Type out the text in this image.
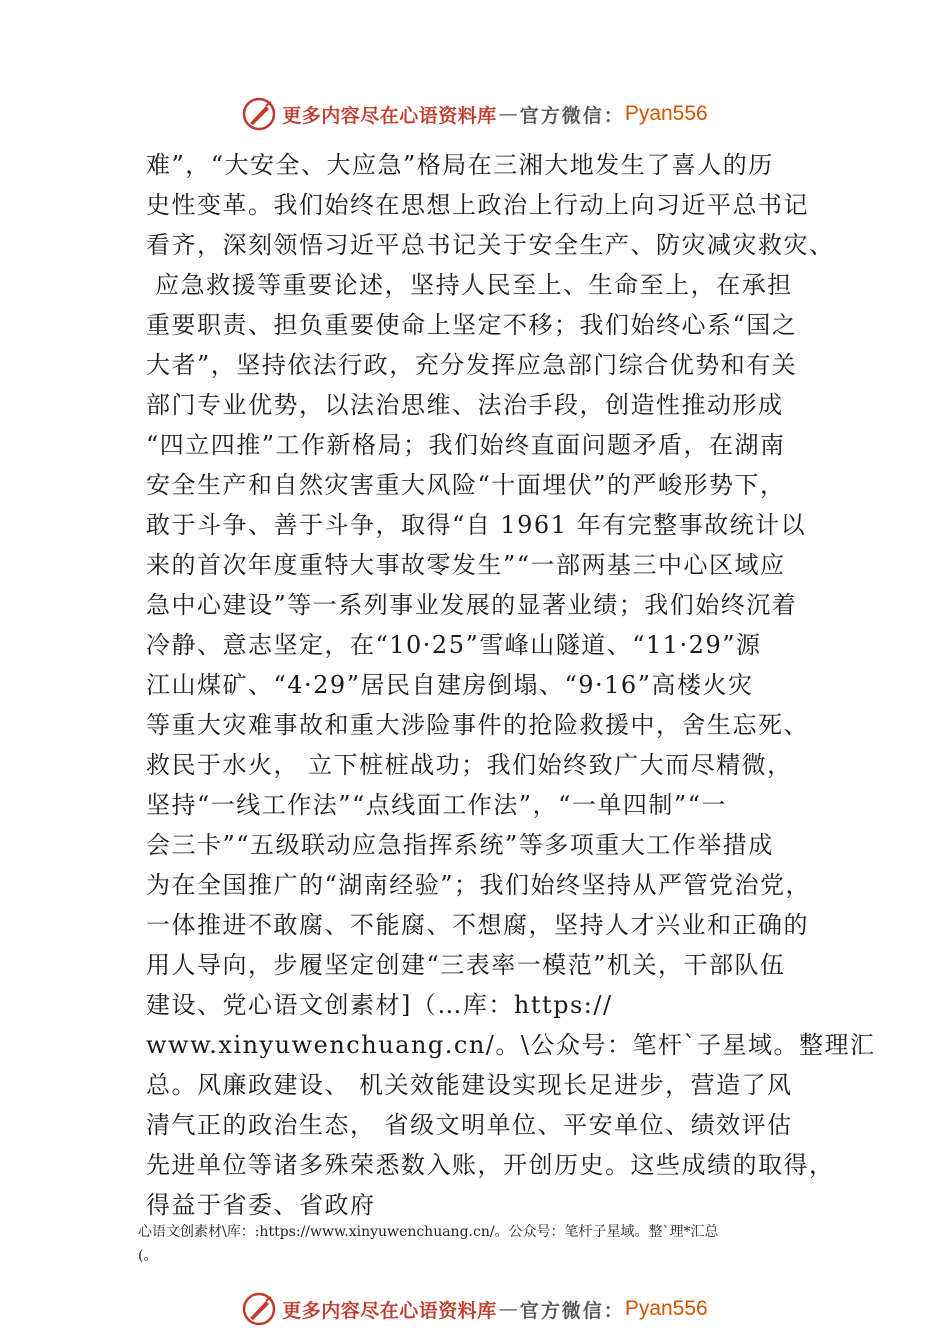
更多内容尽在心语资料库 — 官方微信： Pyan556
难”，“大安全、大应急”格局在三湘大地发生了喜人的历
史性变革。我们始终在思想上政治上行动上向习近平总书记
看齐，深刻领悟习近平总书记关于安全生产、防灾减灾救灾、
应急救援等重要论述，坚持人民至上、生命至上，在承担
重要职责、担负重要使命上坚定不移；我们始终心系“国之
大者”，坚持依法行政，充分发挥应急部门综合优势和有关
部门专业优势，以法治思维、法治手段，创造性推动形成
“四立四推”工作新格局；我们始终直面问题矛盾，在湖南
安全生产和自然灾害重大风险“十面埋伏”的严峻形势下，
敢于斗争、善于斗争，取得“自 1961 年有完整事故统计以
来的首次年度重特大事故零发生”“一部两基三中心区域应
急中心建设”等一系列事业发展的显著业绩；我们始终沉着
冷静、意志坚定，在“10·25”雪峰山隧道、“11·29”源
江山煤矿、“4·29”居民自建房倒塌、“9·16”高楼火灾
等重大灾难事故和重大涉险事件的抢险救援中，舍生忘死、
救民于水火， 立下桩桩战功；我们始终致广大而尽精微，
坚持“一线工作法”“点线面工作法”，“一单四制”“一
会三卡”“五级联动应急指挥系统”等多项重大工作举措成
为在全国推广的“湖南经验”；我们始终坚持从严管党治党，
一体推进不敢腐、不能腐、不想腐，坚持人才兴业和正确的
用人导向，步履坚定创建“三表率一模范”机关，干部队伍
建设、党心语文创素材]（…库：https://
www.xinyuwenchuang.cn/。\公众号：笔杆`子星域。整理汇
总。风廉政建设、 机关效能建设实现长足进步，营造了风
清气正的政治生态， 省级文明单位、平安单位、绩效评估
先进单位等诸多殊荣悉数入账，开创历史。这些成绩的取得，
得益于省委、省政府
心语文创素材\库：:https://www.xinyuwenchuang.cn/。公众号：笔杆子星域。整`理*汇总
(。
更多内容尽在心语资料库 — 官方微信： Pyan556
